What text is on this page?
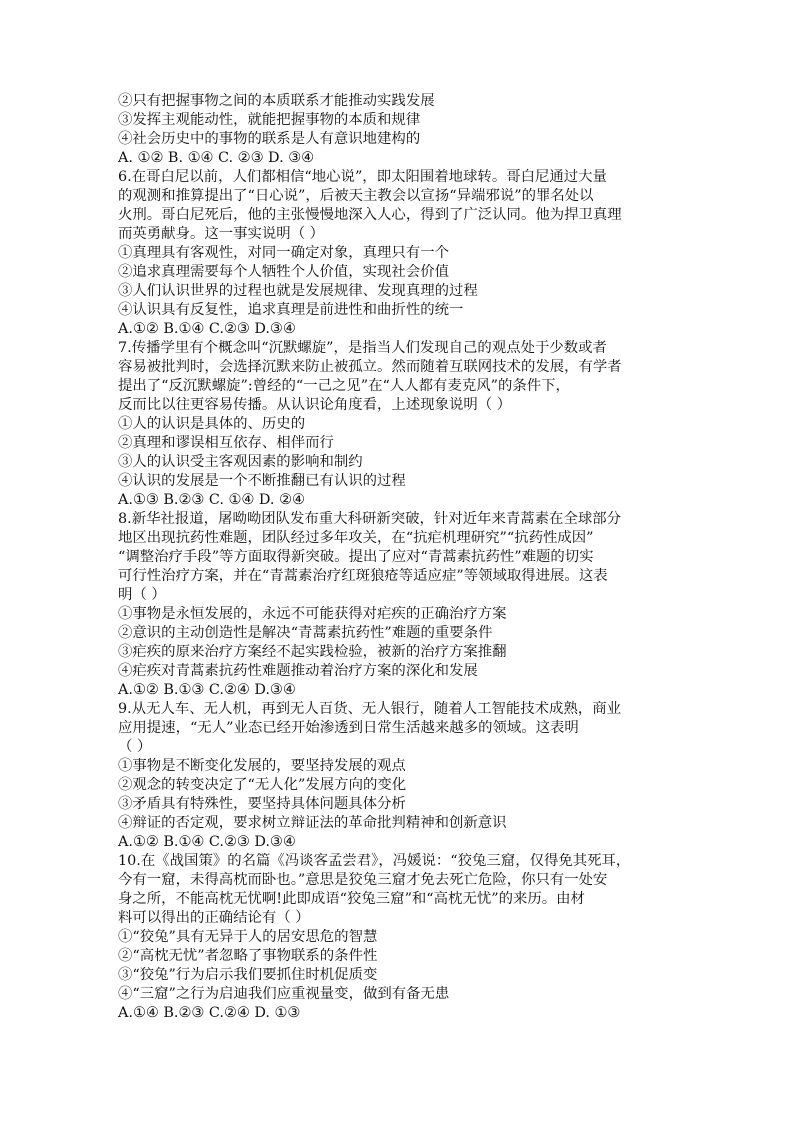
②只有把握事物之间的本质联系才能推动实践发展
③发挥主观能动性，就能把握事物的本质和规律
④社会历史中的事物的联系是人有意识地建构的
A. ①② B. ①④ C. ②③ D. ③④
6.在哥白尼以前，人们都相信“地心说”，即太阳围着地球转。哥白尼通过大量
的观测和推算提出了“日心说”，后被天主教会以宣扬“异端邪说”的罪名处以
火刑。哥白尼死后，他的主张慢慢地深入人心，得到了广泛认同。他为捍卫真理
而英勇献身。这一事实说明（ ）
①真理具有客观性，对同一确定对象，真理只有一个
②追求真理需要每个人牺牲个人价值，实现社会价值
③人们认识世界的过程也就是发展规律、发现真理的过程
④认识具有反复性，追求真理是前进性和曲折性的统一
A.①② B.①④ C.②③ D.③④
7.传播学里有个概念叫“沉默螺旋”，是指当人们发现自己的观点处于少数或者
容易被批判时，会选择沉默来防止被孤立。然而随着互联网技术的发展，有学者
提出了“反沉默螺旋”:曾经的“一己之见”在“人人都有麦克风”的条件下，
反而比以往更容易传播。从认识论角度看，上述现象说明（ ）
①人的认识是具体的、历史的
②真理和谬误相互依存、相伴而行
③人的认识受主客观因素的影响和制约
④认识的发展是一个不断推翻已有认识的过程
A.①③ B.②③ C. ①④ D. ②④
8.新华社报道，屠呦呦团队发布重大科研新突破，针对近年来青蒿素在全球部分
地区出现抗药性难题，团队经过多年攻关，在“抗疟机理研究”“抗药性成因”
“调整治疗手段”等方面取得新突破。提出了应对“青蒿素抗药性”难题的切实
可行性治疗方案，并在“青蒿素治疗红斑狼疮等适应症”等领域取得进展。这表
明（ ）
①事物是永恒发展的，永远不可能获得对疟疾的正确治疗方案
②意识的主动创造性是解决“青蒿素抗药性”难题的重要条件
③疟疾的原来治疗方案经不起实践检验，被新的治疗方案推翻
④疟疾对青蒿素抗药性难题推动着治疗方案的深化和发展
A.①② B.①③ C.②④ D.③④
9.从无人车、无人机，再到无人百货、无人银行，随着人工智能技术成熟，商业
应用提速，“无人”业态已经开始渗透到日常生活越来越多的领域。这表明
（ ）
①事物是不断变化发展的，要坚持发展的观点
②观念的转变决定了“无人化”发展方向的变化
③矛盾具有特殊性，要坚持具体问题具体分析
④辩证的否定观，要求树立辩证法的革命批判精神和创新意识
A.①② B.①④ C.②③ D.③④
10.在《战国策》的名篇《冯谈客孟尝君》，冯媛说：“狡兔三窟，仅得免其死耳，
今有一窟，未得高枕而卧也。”意思是狡兔三窟才免去死亡危险，你只有一处安
身之所，不能高枕无忧啊!此即成语“狡兔三窟”和“高枕无忧”的来历。由材
料可以得出的正确结论有（ ）
①“狡兔”具有无异于人的居安思危的智慧
②“高枕无忧”者忽略了事物联系的条件性
③“狡兔”行为启示我们要抓住时机促质变
④“三窟”之行为启迪我们应重视量变，做到有备无患
A.①④ B.②③ C.②④ D. ①③
